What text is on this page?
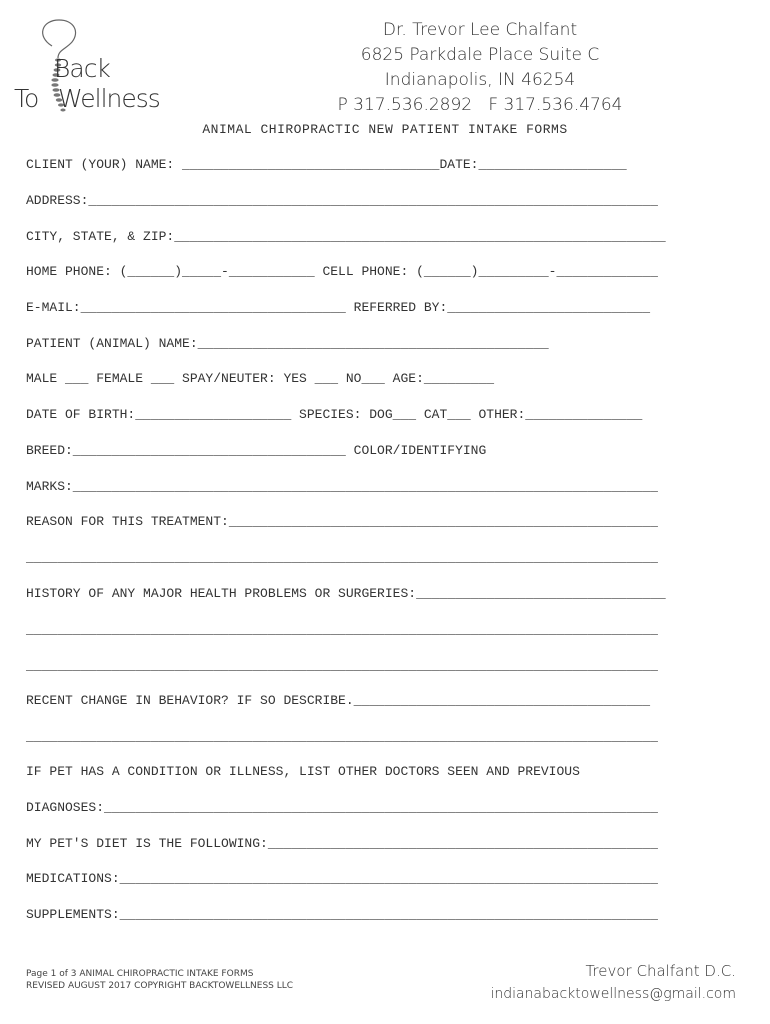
Back
To Wellness
Dr. Trevor Lee Chalfant
6825 Parkdale Place Suite C
Indianapolis, IN 46254
P 317.536.2892   F 317.536.4764
ANIMAL CHIROPRACTIC NEW PATIENT INTAKE FORMS
CLIENT (YOUR) NAME: _________________________________DATE:___________________
ADDRESS:_________________________________________________________________________
CITY, STATE, & ZIP:_______________________________________________________________
HOME PHONE: (______)_____-___________ CELL PHONE: (______)_________-_____________
E-MAIL:__________________________________ REFERRED BY:__________________________
PATIENT (ANIMAL) NAME:_____________________________________________
MALE ___ FEMALE ___ SPAY/NEUTER: YES ___ NO___ AGE:_________
DATE OF BIRTH:____________________ SPECIES: DOG___ CAT___ OTHER:_______________
BREED:___________________________________ COLOR/IDENTIFYING
MARKS:___________________________________________________________________________
REASON FOR THIS TREATMENT:_______________________________________________________
_________________________________________________________________________________
HISTORY OF ANY MAJOR HEALTH PROBLEMS OR SURGERIES:________________________________
_________________________________________________________________________________
_________________________________________________________________________________
RECENT CHANGE IN BEHAVIOR? IF SO DESCRIBE.______________________________________
_________________________________________________________________________________
IF PET HAS A CONDITION OR ILLNESS, LIST OTHER DOCTORS SEEN AND PREVIOUS
DIAGNOSES:_______________________________________________________________________
MY PET'S DIET IS THE FOLLOWING:__________________________________________________
MEDICATIONS:_____________________________________________________________________
SUPPLEMENTS:_____________________________________________________________________
Page 1 of 3 ANIMAL CHIROPRACTIC INTAKE FORMS
REVISED AUGUST 2017 COPYRIGHT BACKTOWELLNESS LLC
Trevor Chalfant D.C.
indianabacktowellness@gmail.com
